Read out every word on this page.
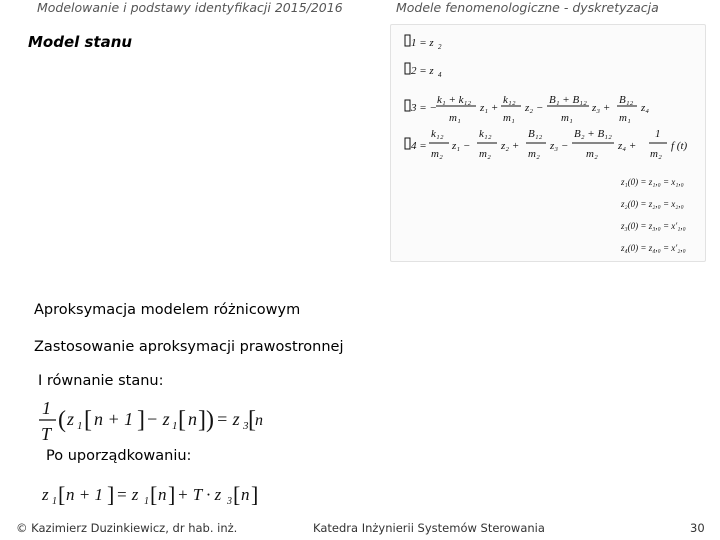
Modelowanie i podstawy identyfikacji 2015/2016	Modele fenomenologiczne - dyskretyzacja
Model stanu	1 = z 2
2 = z 4
3 = −
k₁ + k₁₂
m₁
z₁ +
k₁₂
m₁
z₂ −
B₁ + B₁₂
m₁
z₃ +
B₁₂
m₁
z₄
4 =
k₁₂
m₂
z₁ −
k₁₂
m₂
z₂ +
B₁₂
m₂
z₃ −
B₂ + B₁₂
m₂
z₄ +
1
m₂
f (t)
z₁(0) = z₁,₀ = x₁,₀
z₂(0) = z₂,₀ = x₂,₀
z₃(0) = z₃,₀ = x′₁,₀
z₄(0) = z₄,₀ = x′₂,₀
Aproksymacja modelem różnicowym
Zastosowanie aproksymacji prawostronnej
I równanie stanu:
1
T
( z 1 [ n + 1 ] − z 1 [ n ] ) = z 3 [ n
Po uporządkowaniu:
z 1 [ n + 1 ] = z 1 [ n ] + T · z 3 [ n ]
© Kazimierz Duzinkiewicz, dr hab. inż.	Katedra Inżynierii Systemów Sterowania	30
